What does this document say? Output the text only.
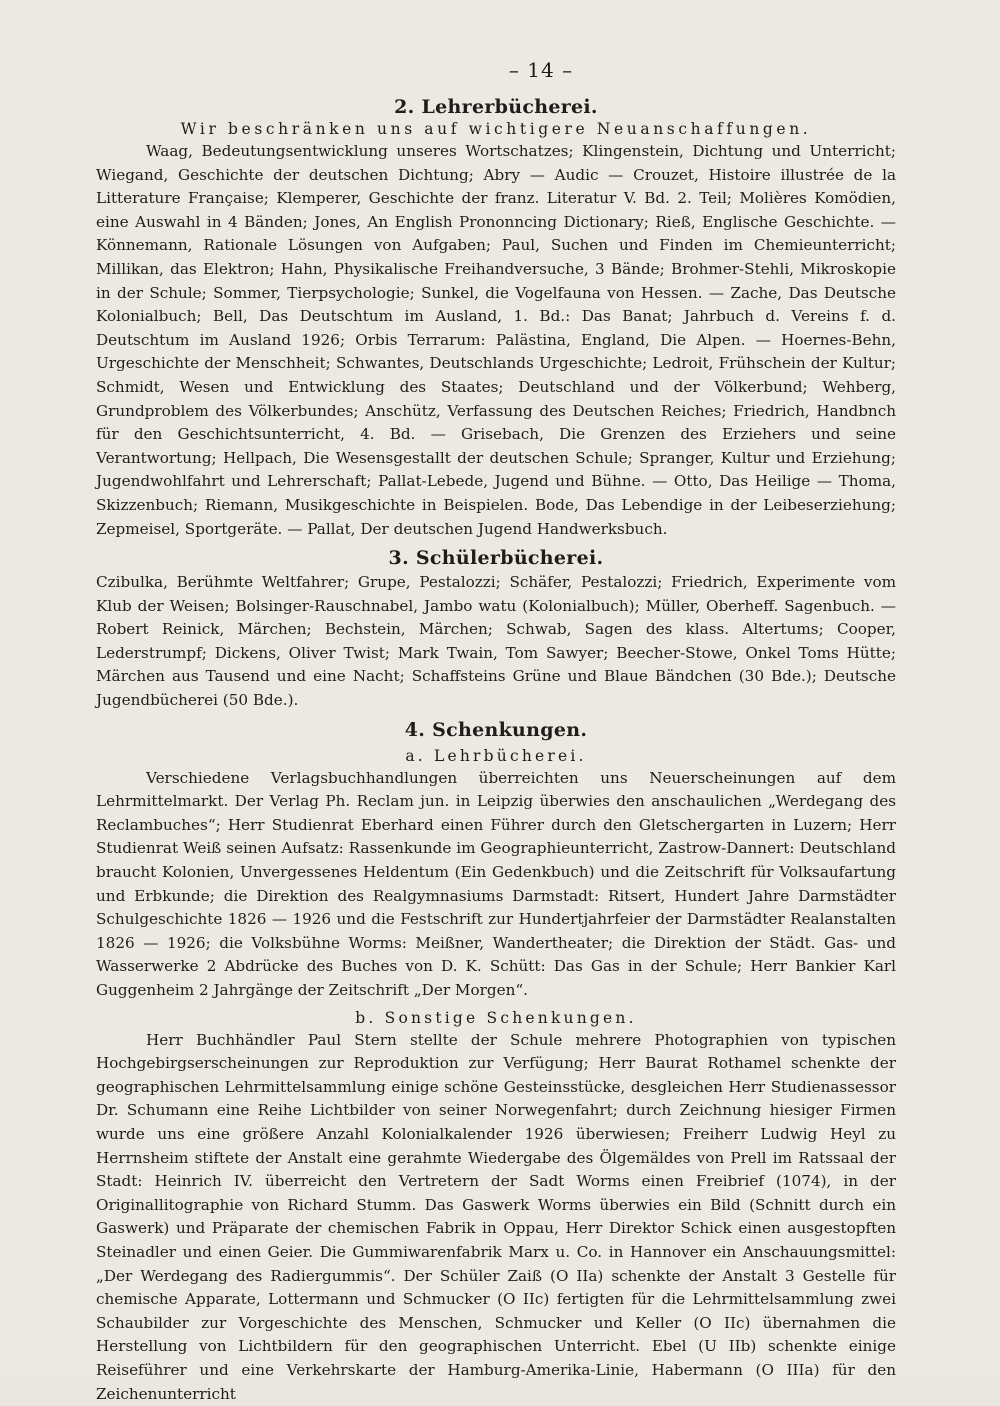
– 14 –
2. Lehrerbücherei.
Wir beschränken uns auf wichtigere Neuanschaffungen.

Waag, Bedeutungsentwicklung unseres Wortschatzes; Klingenstein, Dichtung und Unterricht; Wiegand, Geschichte der deutschen Dichtung; Abry — Audic — Crouzet, Histoire illustrée de la Litterature Française; Klemperer, Geschichte der franz. Literatur V. Bd. 2. Teil; Molières Komödien, eine Auswahl in 4 Bänden; Jones, An English Prononncing Dictionary; Rieß, Englische Geschichte. — Könnemann, Rationale Lösungen von Aufgaben; Paul, Suchen und Finden im Chemieunterricht; Millikan, das Elektron; Hahn, Physikalische Freihandversuche, 3 Bände; Brohmer-Stehli, Mikroskopie in der Schule; Sommer, Tierpsychologie; Sunkel, die Vogelfauna von Hessen. — Zache, Das Deutsche Kolonialbuch; Bell, Das Deutschtum im Ausland, 1. Bd.: Das Banat; Jahrbuch d. Vereins f. d. Deutschtum im Ausland 1926; Orbis Terrarum: Palästina, England, Die Alpen. — Hoernes-Behn, Urgeschichte der Menschheit; Schwantes, Deutschlands Urgeschichte; Ledroit, Frühschein der Kultur; Schmidt, Wesen und Entwicklung des Staates; Deutschland und der Völkerbund; Wehberg, Grundproblem des Völkerbundes; Anschütz, Verfassung des Deutschen Reiches; Friedrich, Handbnch für den Geschichtsunterricht, 4. Bd. — Grisebach, Die Grenzen des Erziehers und seine Verantwortung; Hellpach, Die Wesensgestallt der deutschen Schule; Spranger, Kultur und Erziehung; Jugendwohlfahrt und Lehrerschaft; Pallat-Lebede, Jugend und Bühne. — Otto, Das Heilige — Thoma, Skizzenbuch; Riemann, Musikgeschichte in Beispielen. Bode, Das Lebendige in der Leibeserziehung; Zepmeisel, Sportgeräte. — Pallat, Der deutschen Jugend Handwerksbuch.

3. Schülerbücherei.

Czibulka, Berühmte Weltfahrer; Grupe, Pestalozzi; Schäfer, Pestalozzi; Friedrich, Experimente vom Klub der Weisen; Bolsinger-Rauschnabel, Jambo watu (Kolonialbuch); Müller, Oberheff. Sagenbuch. — Robert Reinick, Märchen; Bechstein, Märchen; Schwab, Sagen des klass. Altertums; Cooper, Lederstrumpf; Dickens, Oliver Twist; Mark Twain, Tom Sawyer; Beecher-Stowe, Onkel Toms Hütte; Märchen aus Tausend und eine Nacht; Schaffsteins Grüne und Blaue Bändchen (30 Bde.); Deutsche Jugendbücherei (50 Bde.).

4. Schenkungen.
a. Lehrbücherei.

Verschiedene Verlagsbuchhandlungen überreichten uns Neuerscheinungen auf dem Lehrmittelmarkt. Der Verlag Ph. Reclam jun. in Leipzig überwies den anschaulichen „Werdegang des Reclambuches“; Herr Studienrat Eberhard einen Führer durch den Gletschergarten in Luzern; Herr Studienrat Weiß seinen Aufsatz: Rassenkunde im Geographieunterricht, Zastrow-Dannert: Deutschland braucht Kolonien, Unvergessenes Heldentum (Ein Gedenkbuch) und die Zeitschrift für Volksaufartung und Erbkunde; die Direktion des Realgymnasiums Darmstadt: Ritsert, Hundert Jahre Darmstädter Schulgeschichte 1826 — 1926 und die Festschrift zur Hundertjahrfeier der Darmstädter Realanstalten 1826 — 1926; die Volksbühne Worms: Meißner, Wandertheater; die Direktion der Städt. Gas- und Wasserwerke 2 Abdrücke des Buches von D. K. Schütt: Das Gas in der Schule; Herr Bankier Karl Guggenheim 2 Jahrgänge der Zeitschrift „Der Morgen“.

b. Sonstige Schenkungen.

Herr Buchhändler Paul Stern stellte der Schule mehrere Photographien von typischen Hochgebirgserscheinungen zur Reproduktion zur Verfügung; Herr Baurat Rothamel schenkte der geographischen Lehrmittelsammlung einige schöne Gesteinsstücke, desgleichen Herr Studienassessor Dr. Schumann eine Reihe Lichtbilder von seiner Norwegenfahrt; durch Zeichnung hiesiger Firmen wurde uns eine größere Anzahl Kolonialkalender 1926 überwiesen; Freiherr Ludwig Heyl zu Herrnsheim stiftete der Anstalt eine gerahmte Wiedergabe des Ölgemäldes von Prell im Ratssaal der Stadt: Heinrich IV. überreicht den Vertretern der Sadt Worms einen Freibrief (1074), in der Originallitographie von Richard Stumm. Das Gaswerk Worms überwies ein Bild (Schnitt durch ein Gaswerk) und Präparate der chemischen Fabrik in Oppau, Herr Direktor Schick einen ausgestopften Steinadler und einen Geier. Die Gummiwarenfabrik Marx u. Co. in Hannover ein Anschauungsmittel: „Der Werdegang des Radiergummis“. Der Schüler Zaiß (O IIa) schenkte der Anstalt 3 Gestelle für chemische Apparate, Lottermann und Schmucker (O IIc) fertigten für die Lehrmittelsammlung zwei Schaubilder zur Vorgeschichte des Menschen, Schmucker und Keller (O IIc) übernahmen die Herstellung von Lichtbildern für den geographischen Unterricht. Ebel (U IIb) schenkte einige Reiseführer und eine Verkehrskarte der Hamburg-Amerika-Linie, Habermann (O IIIa) für den Zeichenunterricht
